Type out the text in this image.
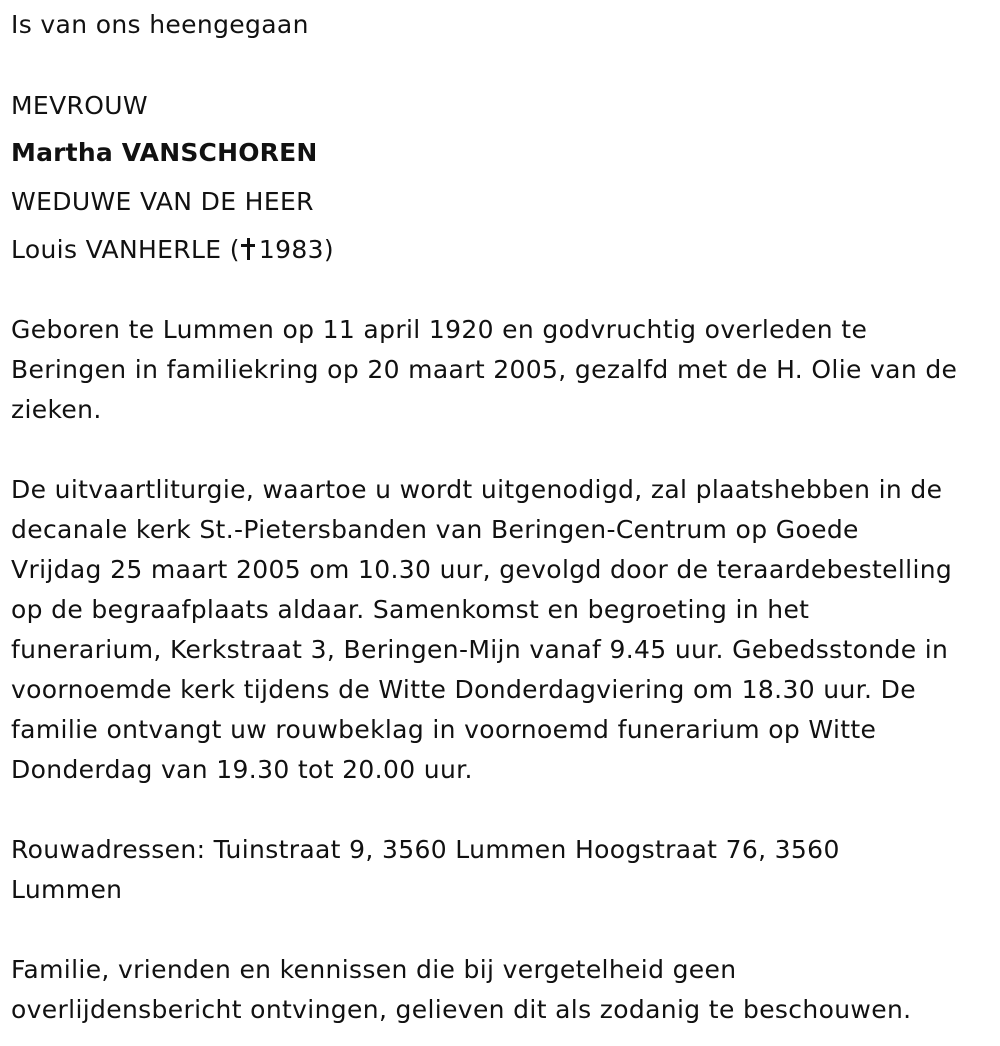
Is van ons heengegaan
MEVROUW
Martha VANSCHOREN
WEDUWE VAN DE HEER
Louis VANHERLE ( 1983)
Geboren te Lummen op 11 april 1920 en godvruchtig overleden te
Beringen in familiekring op 20 maart 2005, gezalfd met de H. Olie van de
zieken.
De uitvaartliturgie, waartoe u wordt uitgenodigd, zal plaatshebben in de
decanale kerk St.-Pietersbanden van Beringen-Centrum op Goede
Vrijdag 25 maart 2005 om 10.30 uur, gevolgd door de teraardebestelling
op de begraafplaats aldaar. Samenkomst en begroeting in het
funerarium, Kerkstraat 3, Beringen-Mijn vanaf 9.45 uur. Gebedsstonde in
voornoemde kerk tijdens de Witte Donderdagviering om 18.30 uur. De
familie ontvangt uw rouwbeklag in voornoemd funerarium op Witte
Donderdag van 19.30 tot 20.00 uur.
Rouwadressen: Tuinstraat 9, 3560 Lummen Hoogstraat 76, 3560
Lummen
Familie, vrienden en kennissen die bij vergetelheid geen
overlijdensbericht ontvingen, gelieven dit als zodanig te beschouwen.
